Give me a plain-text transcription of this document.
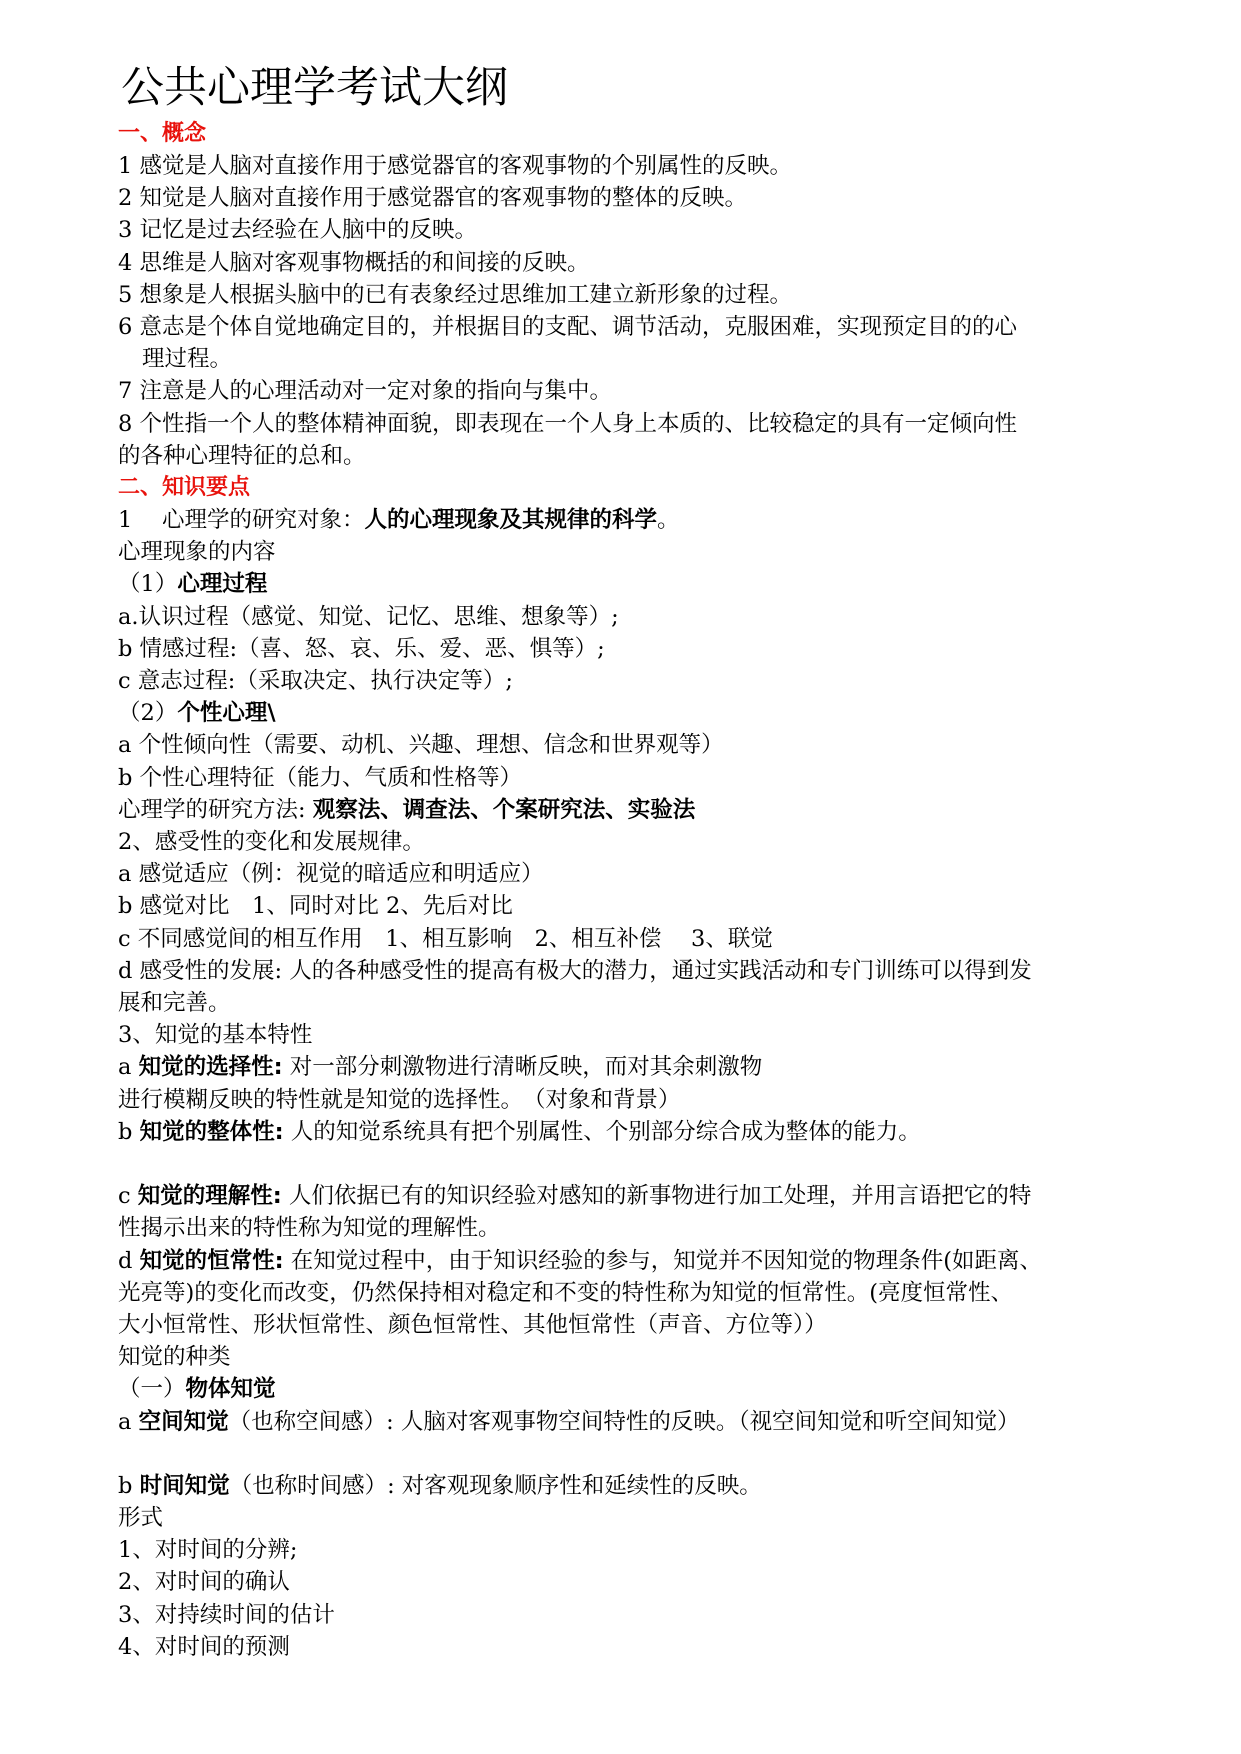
公共心理学考试大纲

一、概念

1 感觉是人脑对直接作用于感觉器官的客观事物的个别属性的反映。

2 知觉是人脑对直接作用于感觉器官的客观事物的整体的反映。

3 记忆是过去经验在人脑中的反映。

4 思维是人脑对客观事物概括的和间接的反映。

5 想象是人根据头脑中的已有表象经过思维加工建立新形象的过程。

6 意志是个体自觉地确定目的，并根据目的支配、调节活动，克服困难，实现预定目的的心

理过程。

7 注意是人的心理活动对一定对象的指向与集中。

8 个性指一个人的整体精神面貌，即表现在一个人身上本质的、比较稳定的具有一定倾向性

的各种心理特征的总和。

二、知识要点

1　 心理学的研究对象：人的心理现象及其规律的科学。

心理现象的内容

（1）心理过程

a.认识过程（感觉、知觉、记忆、思维、想象等）;

b 情感过程:（喜、怒、哀、乐、爱、恶、惧等）;

c 意志过程:（采取决定、执行决定等）;

（2）个性心理\

a 个性倾向性（需要、动机、兴趣、理想、信念和世界观等）

b 个性心理特征（能力、气质和性格等）

心理学的研究方法: 观察法、调查法、个案研究法、实验法

2、感受性的变化和发展规律。

a 感觉适应（例：视觉的暗适应和明适应）

b 感觉对比　1、同时对比 2、先后对比

c 不同感觉间的相互作用　1、相互影响　2、相互补偿　 3、联觉

d 感受性的发展: 人的各种感受性的提高有极大的潜力，通过实践活动和专门训练可以得到发

展和完善。

3、知觉的基本特性

a 知觉的选择性: 对一部分刺激物进行清晰反映，而对其余刺激物

进行模糊反映的特性就是知觉的选择性。　（对象和背景）

b 知觉的整体性: 人的知觉系统具有把个别属性、个别部分综合成为整体的能力。

c 知觉的理解性: 人们依据已有的知识经验对感知的新事物进行加工处理，并用言语把它的特

性揭示出来的特性称为知觉的理解性。

d 知觉的恒常性: 在知觉过程中，由于知识经验的参与，知觉并不因知觉的物理条件(如距离、

光亮等)的变化而改变，仍然保持相对稳定和不变的特性称为知觉的恒常性。(亮度恒常性、

大小恒常性、形状恒常性、颜色恒常性、其他恒常性（声音、方位等））

知觉的种类

（一）物体知觉

a 空间知觉（也称空间感）: 人脑对客观事物空间特性的反映。（视空间知觉和听空间知觉）

b 时间知觉（也称时间感）: 对客观现象顺序性和延续性的反映。

形式

1、对时间的分辨;

2、对时间的确认

3、对持续时间的估计

4、对时间的预测
